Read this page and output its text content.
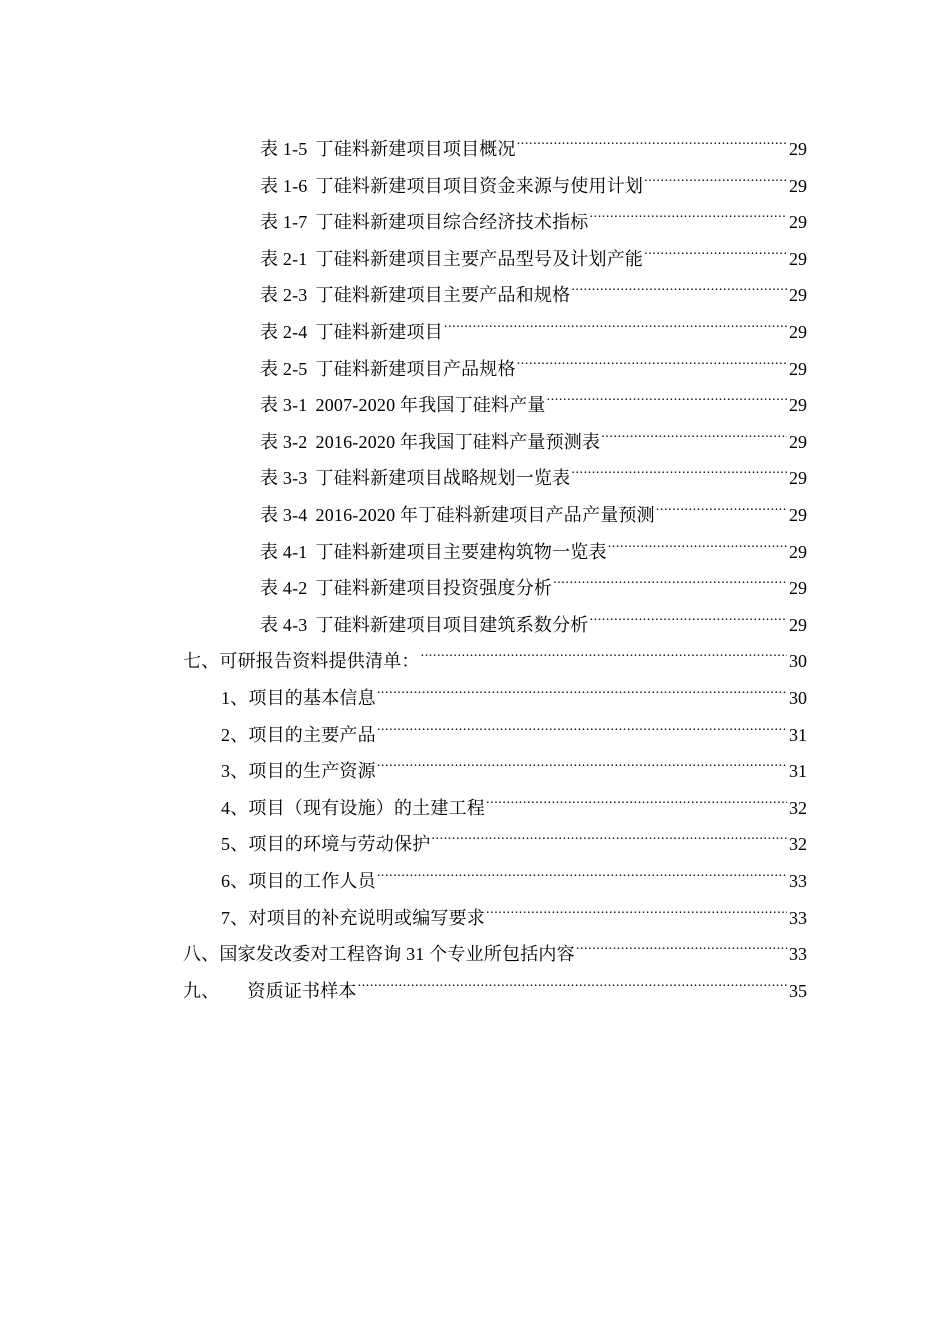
表 1-5 丁硅料新建项目项目概况 .....	29
表 1-6 丁硅料新建项目项目资金来源与使用计划 .....	29
表 1-7 丁硅料新建项目综合经济技术指标 .....	29
表 2-1 丁硅料新建项目主要产品型号及计划产能 .....	29
表 2-3 丁硅料新建项目主要产品和规格 .....	29
表 2-4 丁硅料新建项目 .....	29
表 2-5 丁硅料新建项目产品规格 .....	29
表 3-1 2007-2020 年我国丁硅料产量 .....	29
表 3-2 2016-2020 年我国丁硅料产量预测表 .....	29
表 3-3 丁硅料新建项目战略规划一览表 .....	29
表 3-4 2016-2020 年丁硅料新建项目产品产量预测 .....	29
表 4-1 丁硅料新建项目主要建构筑物一览表 .....	29
表 4-2 丁硅料新建项目投资强度分析 .....	29
表 4-3 丁硅料新建项目项目建筑系数分析 .....	29
七、可研报告资料提供清单： .....	30
1、项目的基本信息 .....	30
2、项目的主要产品 .....	31
3、项目的生产资源 .....	31
4、项目（现有设施）的土建工程 .....	32
5、项目的环境与劳动保护 .....	32
6、项目的工作人员 .....	33
7、对项目的补充说明或编写要求 .....	33
八、国家发改委对工程咨询 31 个专业所包括内容 .....	33
九、 资质证书样本 .....	35
